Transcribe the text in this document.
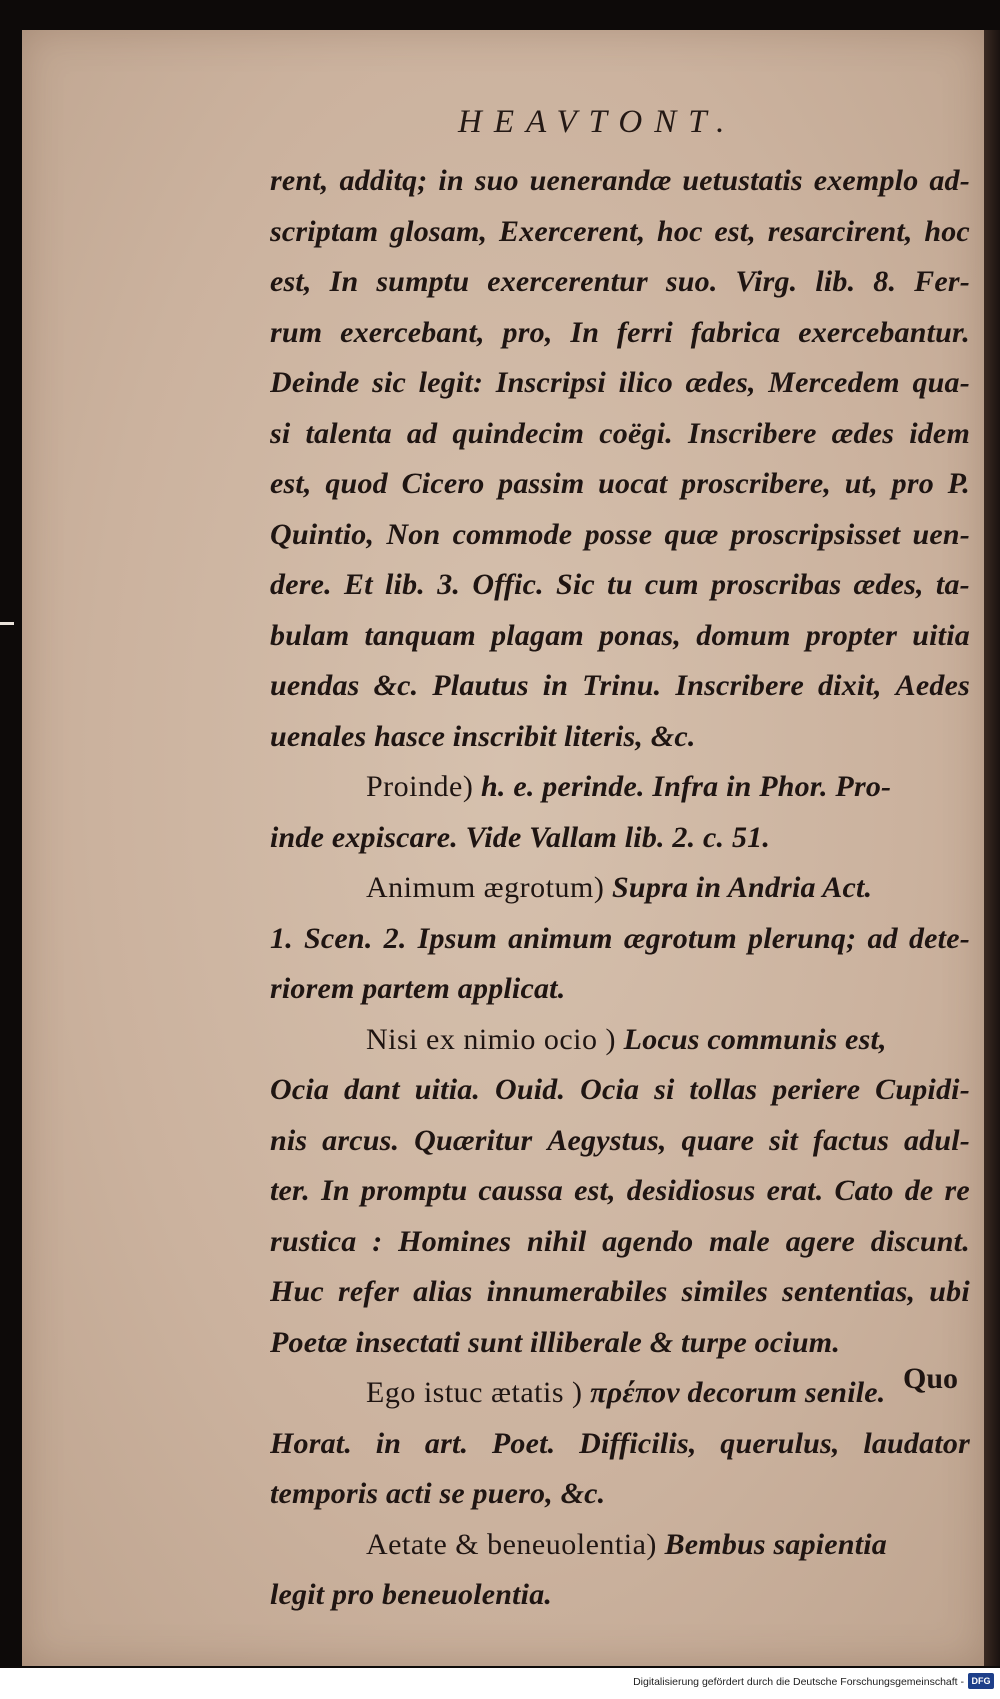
HEAVTONT.
rent, additq; in suo uenerandæ uetustatis exemplo ad-
scriptam glosam, Exercerent, hoc est, resarcirent, hoc
est, In sumptu exercerentur suo. Virg. lib. 8. Fer-
rum exercebant, pro, In ferri fabrica exercebantur.
Deinde sic legit: Inscripsi ilico ædes, Mercedem qua-
si talenta ad quindecim coëgi. Inscribere ædes idem
est, quod Cicero passim uocat proscribere, ut, pro P.
Quintio, Non commode posse quæ proscripsisset uen-
dere. Et lib. 3. Offic. Sic tu cum proscribas ædes, ta-
bulam tanquam plagam ponas, domum propter uitia
uendas &c. Plautus in Trinu. Inscribere dixit, Aedes
uenales hasce inscribit literis, &c.
Proinde) h. e. perinde. Infra in Phor. Pro-
inde expiscare. Vide Vallam lib. 2. c. 51.
Animum ægrotum) Supra in Andria Act.
1. Scen. 2. Ipsum animum ægrotum plerunq; ad dete-
riorem partem applicat.
Nisi ex nimio ocio ) Locus communis est,
Ocia dant uitia. Ouid. Ocia si tollas periere Cupidi-
nis arcus. Quæritur Aegystus, quare sit factus adul-
ter. In promptu caussa est, desidiosus erat. Cato de re
rustica : Homines nihil agendo male agere discunt.
Huc refer alias innumerabiles similes sententias, ubi
Poetæ insectati sunt illiberale & turpe ocium.
Ego istuc ætatis ) πρέπον decorum senile.
Horat. in art. Poet. Difficilis, querulus, laudator
temporis acti se puero, &c.
Aetate & beneuolentia) Bembus sapientia
legit pro beneuolentia.
Quo
Digitalisierung gefördert durch die Deutsche Forschungsgemeinschaft - DFG
